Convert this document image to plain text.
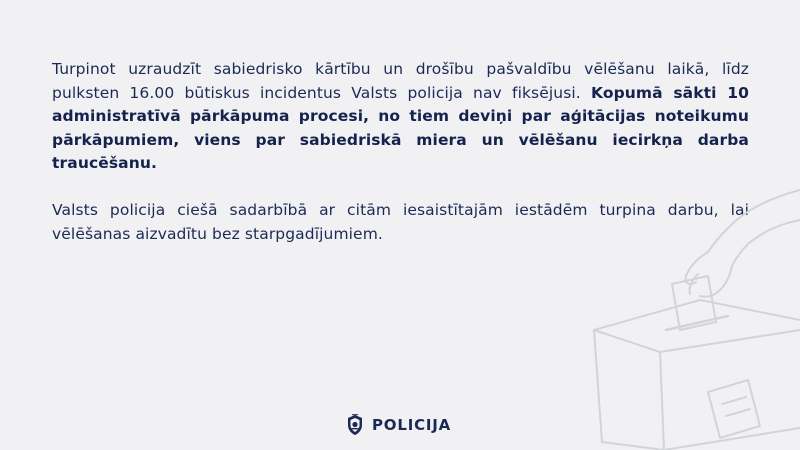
Turpinot uzraudzīt sabiedrisko kārtību un drošību pašvaldību vēlēšanu laikā, līdz pulksten 16.00 būtiskus incidentus Valsts policija nav fiksējusi. Kopumā sākti 10 administratīvā pārkāpuma procesi, no tiem deviņi par aģitācijas noteikumu pārkāpumiem, viens par sabiedriskā miera un vēlēšanu iecirkņa darba traucēšanu.

Valsts policija ciešā sadarbībā ar citām iesaistītajām iestādēm turpina darbu, lai vēlēšanas aizvadītu bez starpgadījumiem.

POLICIJA
